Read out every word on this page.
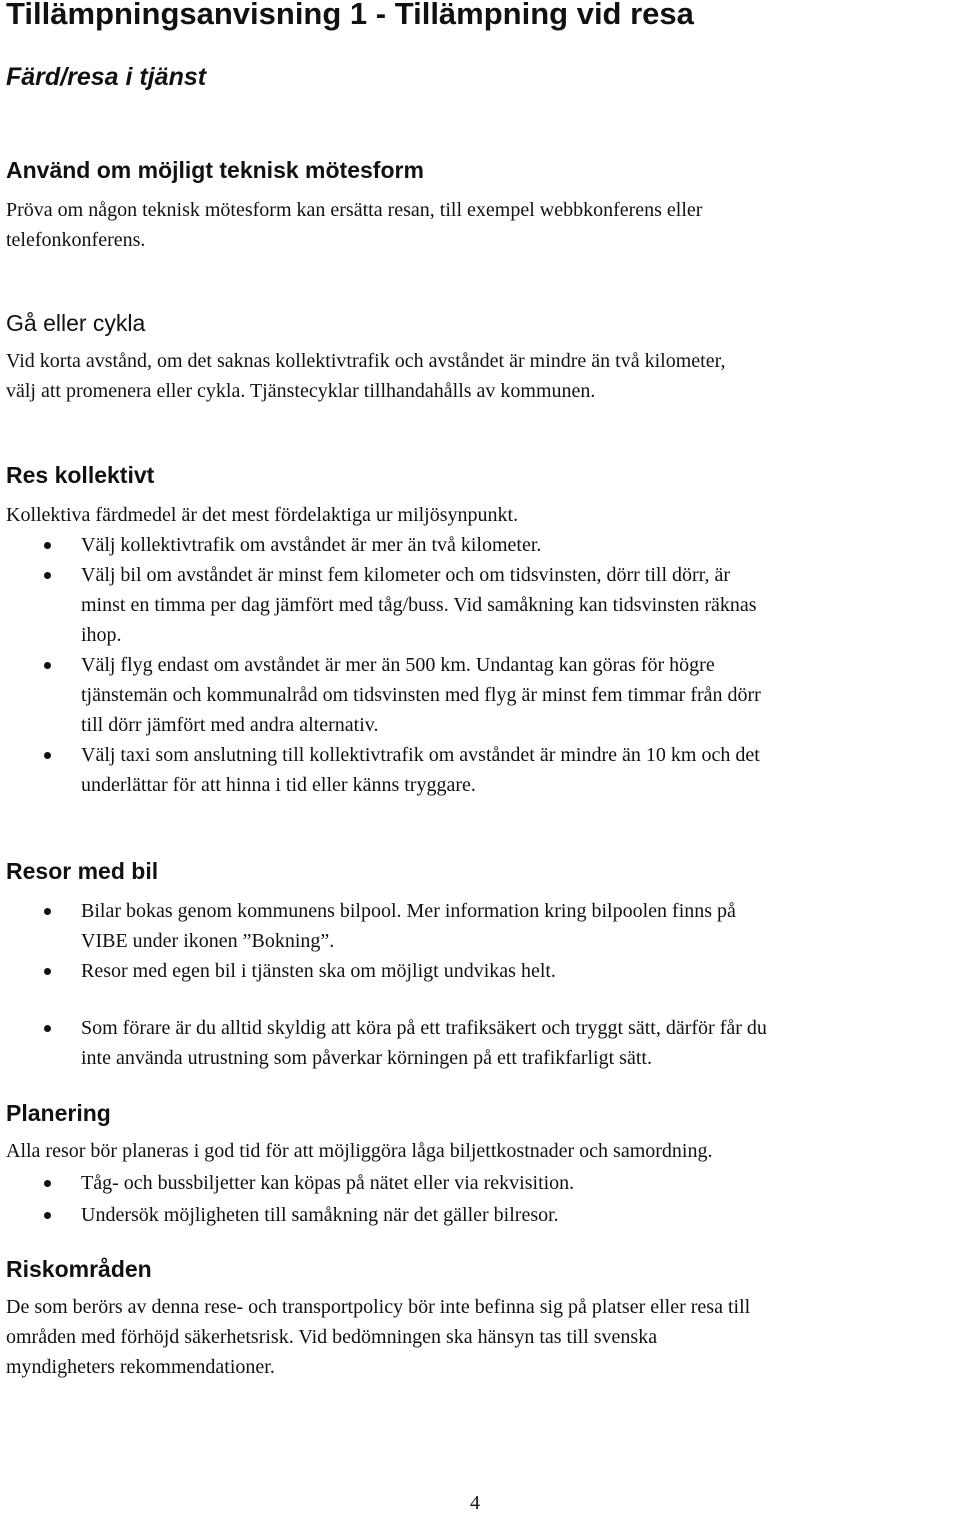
Tillämpningsanvisning 1 - Tillämpning vid resa
Färd/resa i tjänst
Använd om möjligt teknisk mötesform

Pröva om någon teknisk mötesform kan ersätta resan, till exempel webbkonferens eller
telefonkonferens.

Gå eller cykla

Vid korta avstånd, om det saknas kollektivtrafik och avståndet är mindre än två kilometer,
välj att promenera eller cykla. Tjänstecyklar tillhandahålls av kommunen.

Res kollektivt

Kollektiva färdmedel är det mest fördelaktiga ur miljösynpunkt.

Välj kollektivtrafik om avståndet är mer än två kilometer.
Välj bil om avståndet är minst fem kilometer och om tidsvinsten, dörr till dörr, är
minst en timma per dag jämfört med tåg/buss. Vid samåkning kan tidsvinsten räknas
ihop.
Välj flyg endast om avståndet är mer än 500 km. Undantag kan göras för högre
tjänstemän och kommunalråd om tidsvinsten med flyg är minst fem timmar från dörr
till dörr jämfört med andra alternativ.
Välj taxi som anslutning till kollektivtrafik om avståndet är mindre än 10 km och det
underlättar för att hinna i tid eller känns tryggare.
Resor med bil
Bilar bokas genom kommunens bilpool. Mer information kring bilpoolen finns på
VIBE under ikonen ”Bokning”.
Resor med egen bil i tjänsten ska om möjligt undvikas helt.
Som förare är du alltid skyldig att köra på ett trafiksäkert och tryggt sätt, därför får du
inte använda utrustning som påverkar körningen på ett trafikfarligt sätt.
Planering

Alla resor bör planeras i god tid för att möjliggöra låga biljettkostnader och samordning.

Tåg- och bussbiljetter kan köpas på nätet eller via rekvisition.
Undersök möjligheten till samåkning när det gäller bilresor.
Riskområden

De som berörs av denna rese- och transportpolicy bör inte befinna sig på platser eller resa till
områden med förhöjd säkerhetsrisk. Vid bedömningen ska hänsyn tas till svenska
myndigheters rekommendationer.

4
